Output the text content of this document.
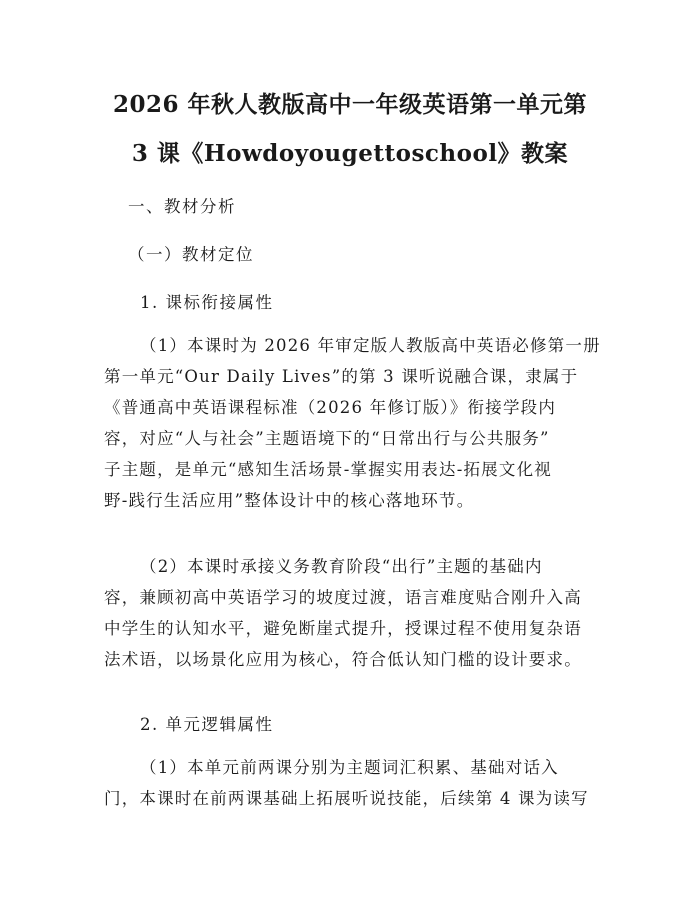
2026 年秋人教版高中一年级英语第一单元第
3 课《Howdoyougettoschool》教案
一、教材分析
（一）教材定位
1. 课标衔接属性
（1）本课时为 2026 年审定版人教版高中英语必修第一册
第一单元“Our Daily Lives”的第 3 课听说融合课，隶属于
《普通高中英语课程标准（2026 年修订版）》衔接学段内
容，对应“人与社会”主题语境下的“日常出行与公共服务”
子主题，是单元“感知生活场景-掌握实用表达-拓展文化视
野-践行生活应用”整体设计中的核心落地环节。
（2）本课时承接义务教育阶段“出行”主题的基础内
容，兼顾初高中英语学习的坡度过渡，语言难度贴合刚升入高
中学生的认知水平，避免断崖式提升，授课过程不使用复杂语
法术语，以场景化应用为核心，符合低认知门槛的设计要求。
2. 单元逻辑属性
（1）本单元前两课分别为主题词汇积累、基础对话入
门，本课时在前两课基础上拓展听说技能，后续第 4 课为读写
